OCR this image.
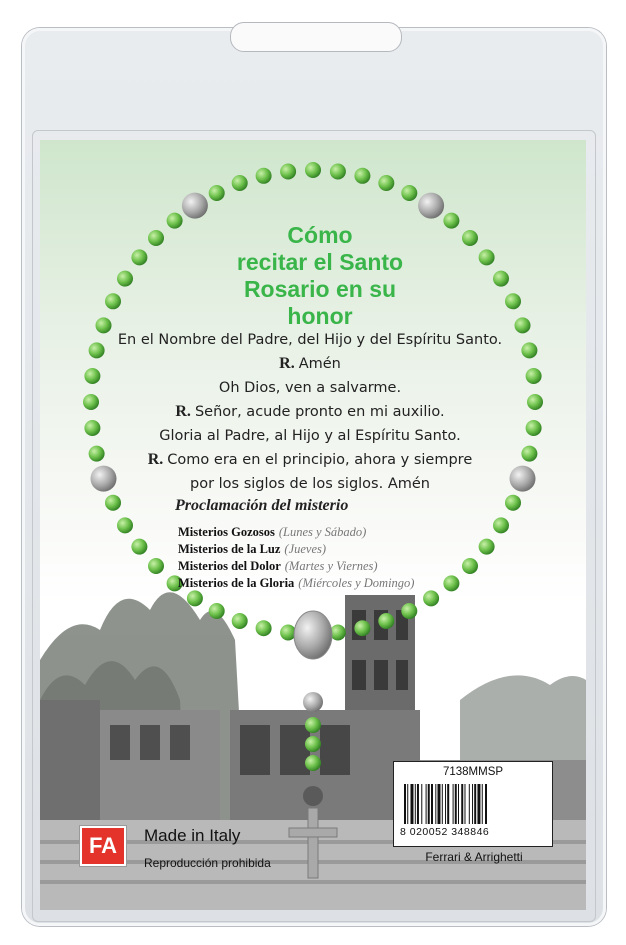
Cómo
recitar el Santo
Rosario en su honor
En el Nombre del Padre, del Hijo y del Espíritu Santo.
R. Amén
Oh Dios, ven a salvarme.
R. Señor, acude pronto en mi auxilio.
Gloria al Padre, al Hijo y al Espíritu Santo.
R. Como era en el principio, ahora y siempre
por los siglos de los siglos. Amén
Proclamación del misterio
Misterios Gozosos (Lunes y Sábado)
Misterios de la Luz (Jueves)
Misterios del Dolor (Martes y Viernes)
Misterios de la Gloria (Miércoles y Domingo)
FA	Made in Italy
Reproducción prohibida
7138MMSP
8 020052 348846
Ferrari & Arrighetti
